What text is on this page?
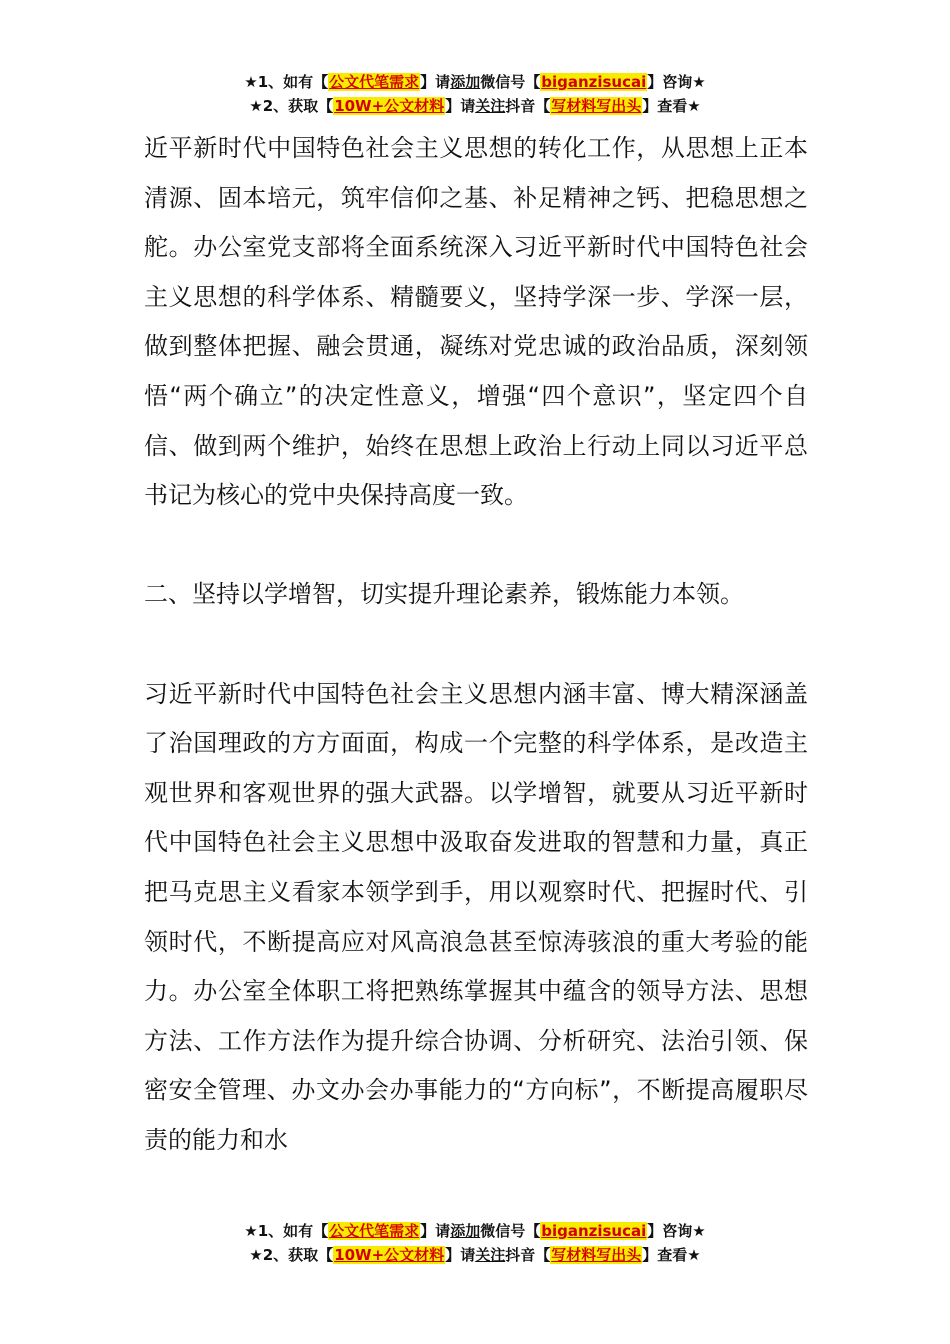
★1、如有【公文代笔需求】请添加微信号【biganzisucai】咨询★
★2、获取【10W+公文材料】请关注抖音【写材料写出头】查看★

近平新时代中国特色社会主义思想的转化工作，从思想上正本清源、固本培元，筑牢信仰之基、补足精神之钙、把稳思想之舵。办公室党支部将全面系统深入习近平新时代中国特色社会主义思想的科学体系、精髓要义，坚持学深一步、学深一层，做到整体把握、融会贯通，凝练对党忠诚的政治品质，深刻领悟“两个确立”的决定性意义，增强“四个意识”，坚定四个自信、做到两个维护，始终在思想上政治上行动上同以习近平总书记为核心的党中央保持高度一致。

二、坚持以学增智，切实提升理论素养，锻炼能力本领。

习近平新时代中国特色社会主义思想内涵丰富、博大精深涵盖了治国理政的方方面面，构成一个完整的科学体系，是改造主观世界和客观世界的强大武器。以学增智，就要从习近平新时代中国特色社会主义思想中汲取奋发进取的智慧和力量，真正把马克思主义看家本领学到手，用以观察时代、把握时代、引领时代，不断提高应对风高浪急甚至惊涛骇浪的重大考验的能力。办公室全体职工将把熟练掌握其中蕴含的领导方法、思想方法、工作方法作为提升综合协调、分析研究、法治引领、保密安全管理、办文办会办事能力的“方向标”，不断提高履职尽责的能力和水

★1、如有【公文代笔需求】请添加微信号【biganzisucai】咨询★
★2、获取【10W+公文材料】请关注抖音【写材料写出头】查看★
